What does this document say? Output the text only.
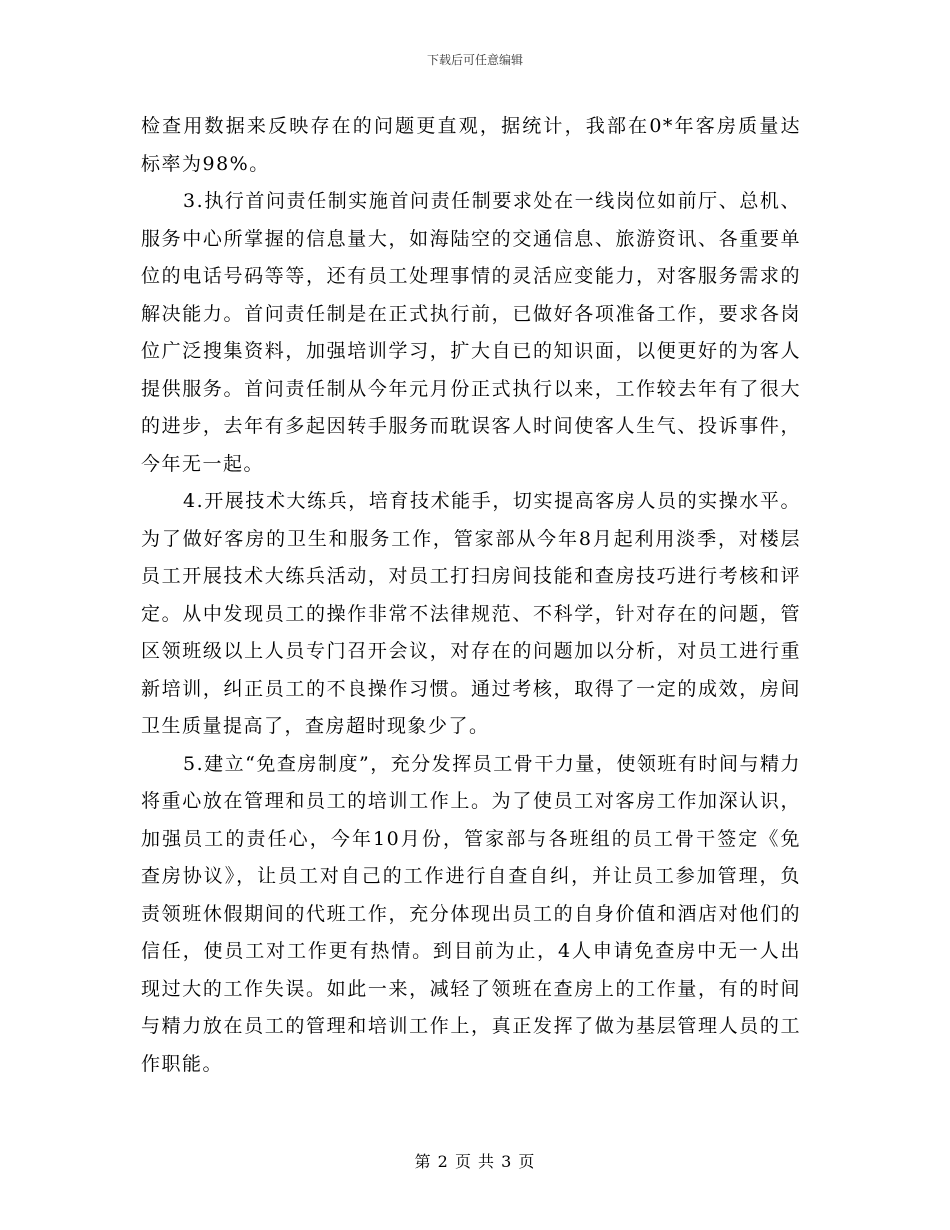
下载后可任意编辑

检查用数据来反映存在的问题更直观，据统计，我部在0*年客房质量达标率为98%。

3.执行首问责任制实施首问责任制要求处在一线岗位如前厅、总机、服务中心所掌握的信息量大，如海陆空的交通信息、旅游资讯、各重要单位的电话号码等等，还有员工处理事情的灵活应变能力，对客服务需求的解决能力。首问责任制是在正式执行前，已做好各项准备工作，要求各岗位广泛搜集资料，加强培训学习，扩大自已的知识面，以便更好的为客人提供服务。首问责任制从今年元月份正式执行以来，工作较去年有了很大的进步，去年有多起因转手服务而耽误客人时间使客人生气、投诉事件，今年无一起。

4.开展技术大练兵，培育技术能手，切实提高客房人员的实操水平。为了做好客房的卫生和服务工作，管家部从今年8月起利用淡季，对楼层员工开展技术大练兵活动，对员工打扫房间技能和查房技巧进行考核和评定。从中发现员工的操作非常不法律规范、不科学，针对存在的问题，管区领班级以上人员专门召开会议，对存在的问题加以分析，对员工进行重新培训，纠正员工的不良操作习惯。通过考核，取得了一定的成效，房间卫生质量提高了，查房超时现象少了。

5.建立“免查房制度”，充分发挥员工骨干力量，使领班有时间与精力将重心放在管理和员工的培训工作上。为了使员工对客房工作加深认识，加强员工的责任心，今年10月份，管家部与各班组的员工骨干签定《免查房协议》，让员工对自己的工作进行自查自纠，并让员工参加管理，负责领班休假期间的代班工作，充分体现出员工的自身价值和酒店对他们的信任，使员工对工作更有热情。到目前为止，4人申请免查房中无一人出现过大的工作失误。如此一来，减轻了领班在查房上的工作量，有的时间与精力放在员工的管理和培训工作上，真正发挥了做为基层管理人员的工作职能。

第 2 页 共 3 页
